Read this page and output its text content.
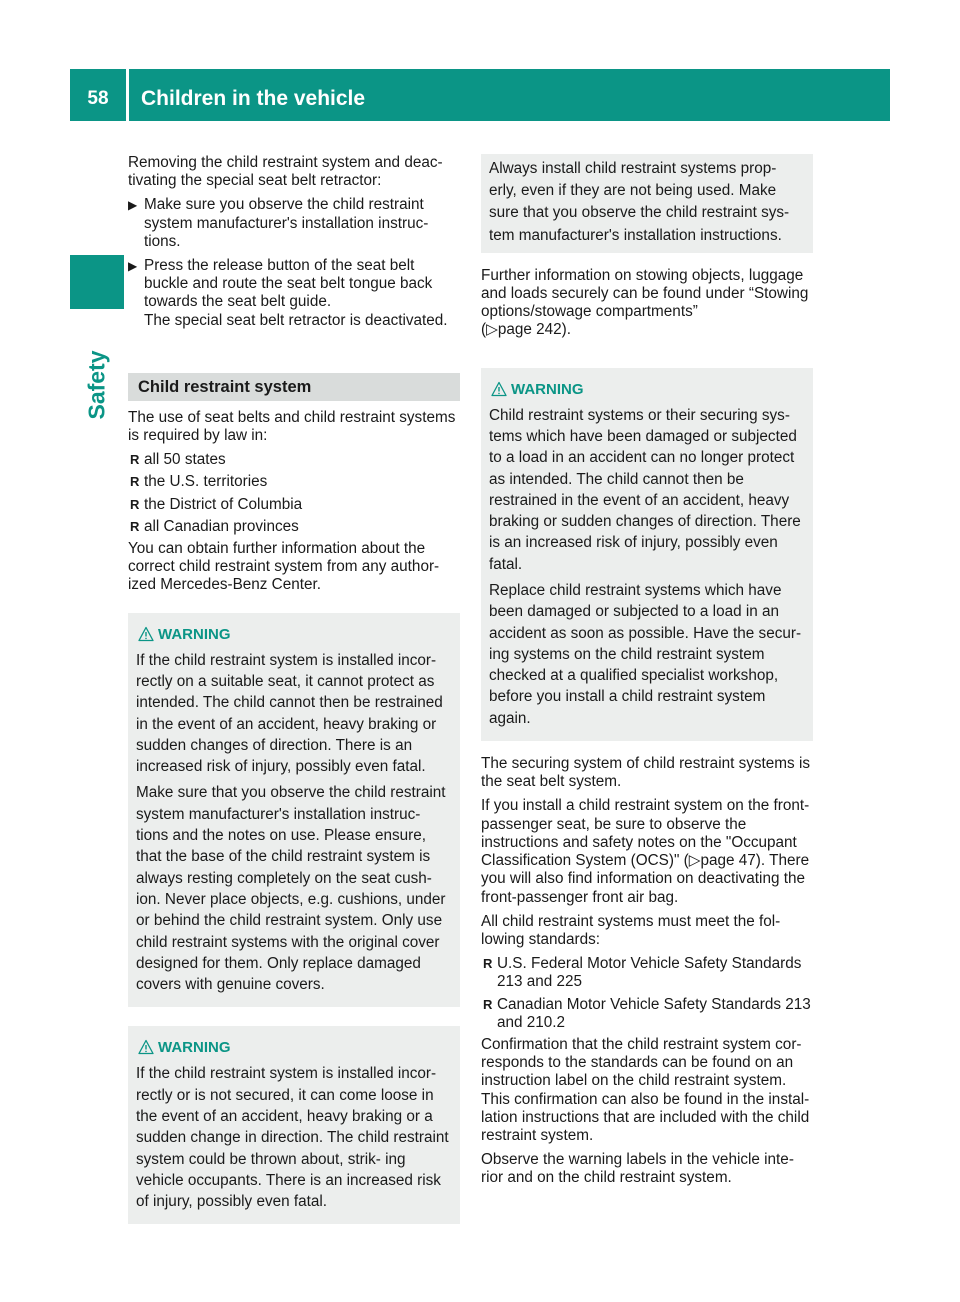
58	Children in the vehicle
Safety

Removing the child restraint system and deac- tivating the special seat belt retractor:

▶ Make sure you observe the child restraint system manufacturer's installation instruc- tions.
▶ Press the release button of the seat belt buckle and route the seat belt tongue back towards the seat belt guide.
The special seat belt retractor is deactivated.
Child restraint system

The use of seat belts and child restraint systems is required by law in:

R all 50 states
R the U.S. territories
R the District of Columbia
R all Canadian provinces

You can obtain further information about the correct child restraint system from any author- ized Mercedes-Benz Center.

WARNING

If the child restraint system is installed incor- rectly on a suitable seat, it cannot protect as intended. The child cannot then be restrained in the event of an accident, heavy braking or sudden changes of direction. There is an increased risk of injury, possibly even fatal.

Make sure that you observe the child restraint system manufacturer's installation instruc- tions and the notes on use. Please ensure, that the base of the child restraint system is always resting completely on the seat cush- ion. Never place objects, e.g. cushions, under or behind the child restraint system. Only use child restraint systems with the original cover designed for them. Only replace damaged covers with genuine covers.

WARNING

If the child restraint system is installed incor- rectly or is not secured, it can come loose in the event of an accident, heavy braking or a sudden change in direction. The child restraint system could be thrown about, strik- ing vehicle occupants. There is an increased risk of injury, possibly even fatal.

Always install child restraint systems prop- erly, even if they are not being used. Make sure that you observe the child restraint sys- tem manufacturer's installation instructions.

Further information on stowing objects, luggage and loads securely can be found under “Stowing options/stowage compartments”
(▷page 242).

WARNING

Child restraint systems or their securing sys- tems which have been damaged or subjected to a load in an accident can no longer protect as intended. The child cannot then be restrained in the event of an accident, heavy braking or sudden changes of direction. There is an increased risk of injury, possibly even fatal.

Replace child restraint systems which have been damaged or subjected to a load in an accident as soon as possible. Have the secur- ing systems on the child restraint system checked at a qualified specialist workshop, before you install a child restraint system again.

The securing system of child restraint systems is the seat belt system.

If you install a child restraint system on the front-passenger seat, be sure to observe the instructions and safety notes on the "Occupant Classification System (OCS)" (▷page 47). There you will also find information on deactivating the front-passenger front air bag.

All child restraint systems must meet the fol- lowing standards:

R U.S. Federal Motor Vehicle Safety Standards 213 and 225
R Canadian Motor Vehicle Safety Standards 213 and 210.2

Confirmation that the child restraint system cor- responds to the standards can be found on an instruction label on the child restraint system. This confirmation can also be found in the instal- lation instructions that are included with the child restraint system.

Observe the warning labels in the vehicle inte- rior and on the child restraint system.
